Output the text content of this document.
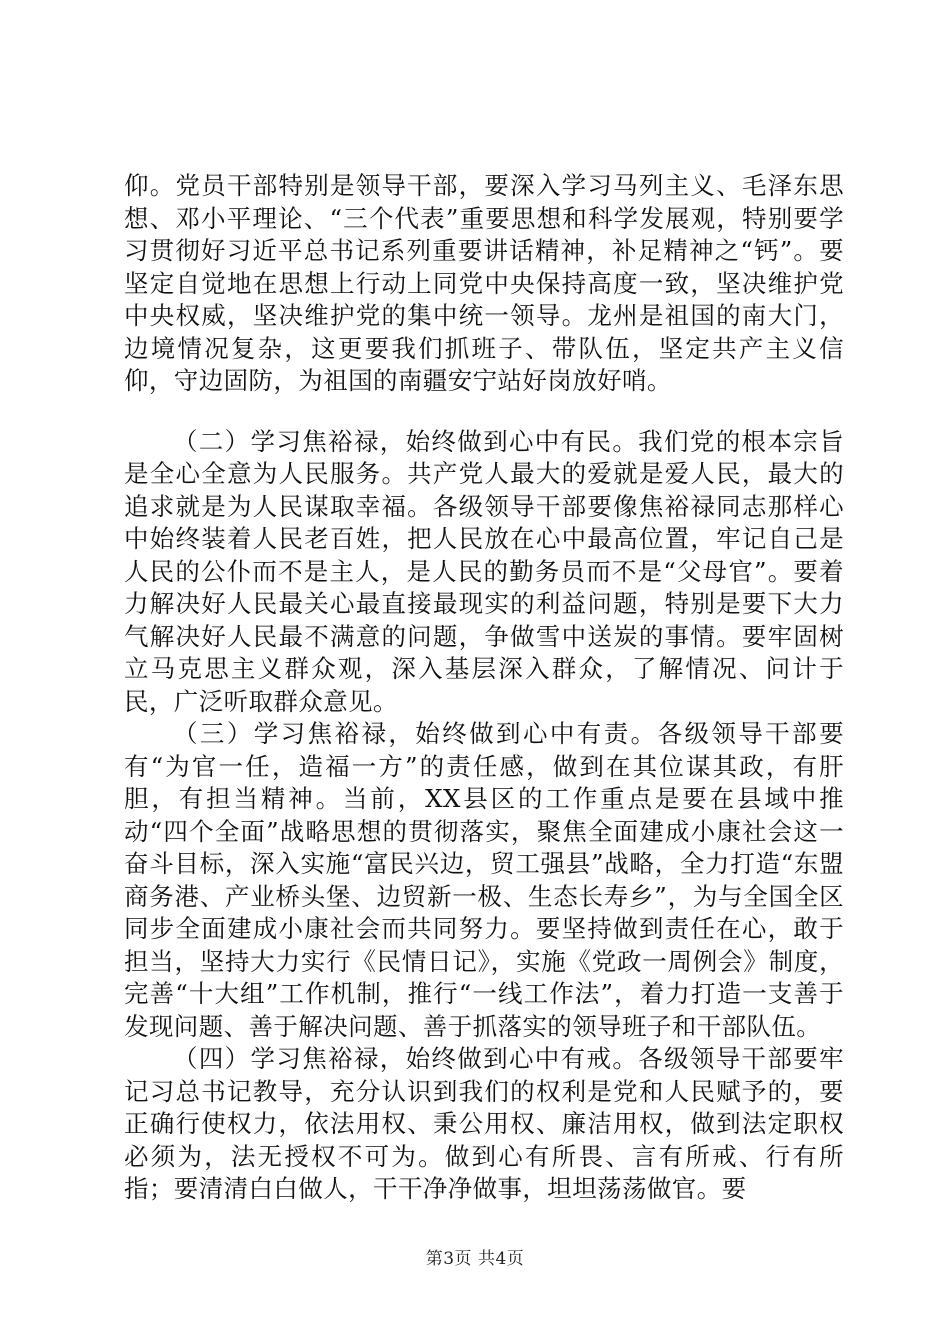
仰。党员干部特别是领导干部，要深入学习马列主义、毛泽东思想、邓小平理论、“三个代表”重要思想和科学发展观，特别要学习贯彻好习近平总书记系列重要讲话精神，补足精神之“钙”。要坚定自觉地在思想上行动上同党中央保持高度一致，坚决维护党中央权威，坚决维护党的集中统一领导。龙州是祖国的南大门，边境情况复杂，这更要我们抓班子、带队伍，坚定共产主义信仰，守边固防，为祖国的南疆安宁站好岗放好哨。

（二）学习焦裕禄，始终做到心中有民。我们党的根本宗旨是全心全意为人民服务。共产党人最大的爱就是爱人民，最大的追求就是为人民谋取幸福。各级领导干部要像焦裕禄同志那样心中始终装着人民老百姓，把人民放在心中最高位置，牢记自己是人民的公仆而不是主人，是人民的勤务员而不是“父母官”。要着力解决好人民最关心最直接最现实的利益问题，特别是要下大力气解决好人民最不满意的问题，争做雪中送炭的事情。要牢固树立马克思主义群众观，深入基层深入群众，了解情况、问计于民，广泛听取群众意见。

（三）学习焦裕禄，始终做到心中有责。各级领导干部要有“为官一任，造福一方”的责任感，做到在其位谋其政，有肝胆，有担当精神。当前，XX县区的工作重点是要在县域中推动“四个全面”战略思想的贯彻落实，聚焦全面建成小康社会这一奋斗目标，深入实施“富民兴边，贸工强县”战略，全力打造“东盟商务港、产业桥头堡、边贸新一极、生态长寿乡”，为与全国全区同步全面建成小康社会而共同努力。要坚持做到责任在心，敢于担当，坚持大力实行《民情日记》，实施《党政一周例会》制度，完善“十大组”工作机制，推行“一线工作法”，着力打造一支善于发现问题、善于解决问题、善于抓落实的领导班子和干部队伍。

（四）学习焦裕禄，始终做到心中有戒。各级领导干部要牢记习总书记教导，充分认识到我们的权利是党和人民赋予的，要正确行使权力，依法用权、秉公用权、廉洁用权，做到法定职权必须为，法无授权不可为。做到心有所畏、言有所戒、行有所指；要清清白白做人，干干净净做事，坦坦荡荡做官。要

第3页 共4页
